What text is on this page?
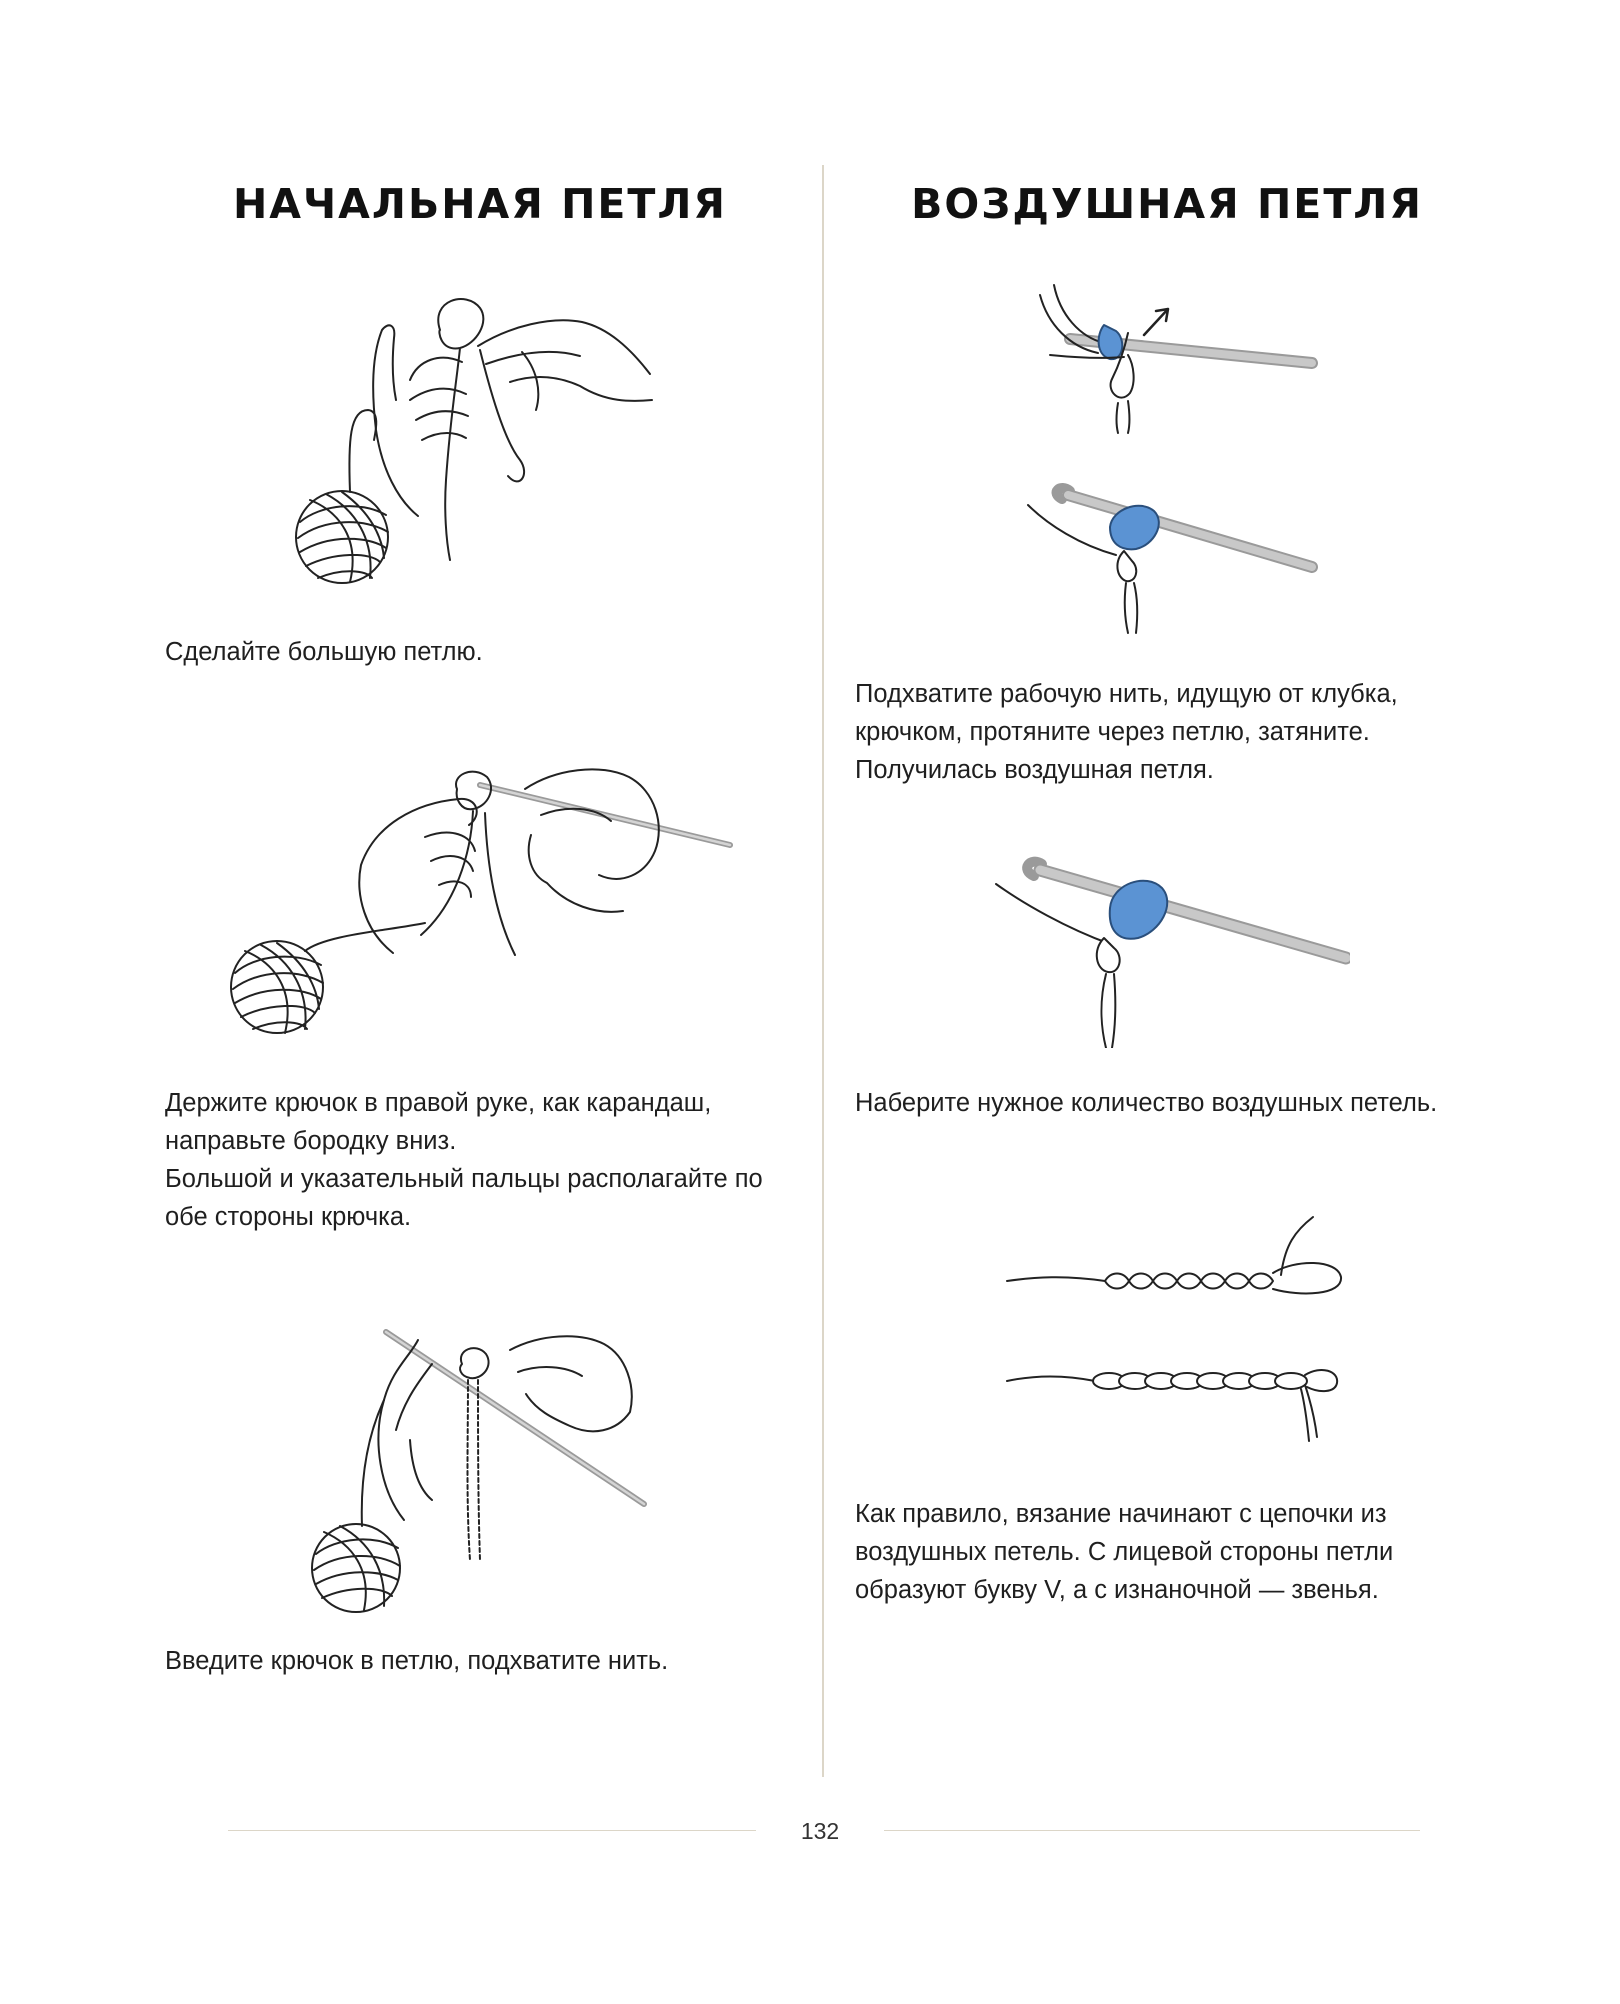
НАЧАЛЬНАЯ ПЕТЛЯ

Сделайте большую петлю.

Держите крючок в правой руке, как карандаш, направьте бородку вниз.
Большой и указательный пальцы располагайте по обе стороны крючка.

Введите крючок в петлю, подхватите нить.

ВОЗДУШНАЯ ПЕТЛЯ

Подхватите рабочую нить, идущую от клубка, крючком, протяните через петлю, затяните. Получилась воздушная петля.

Наберите нужное количество воздушных петель.

Как правило, вязание начинают с цепочки из воздушных петель. С лицевой стороны петли образуют букву V, а с изнаночной — звенья.

132
